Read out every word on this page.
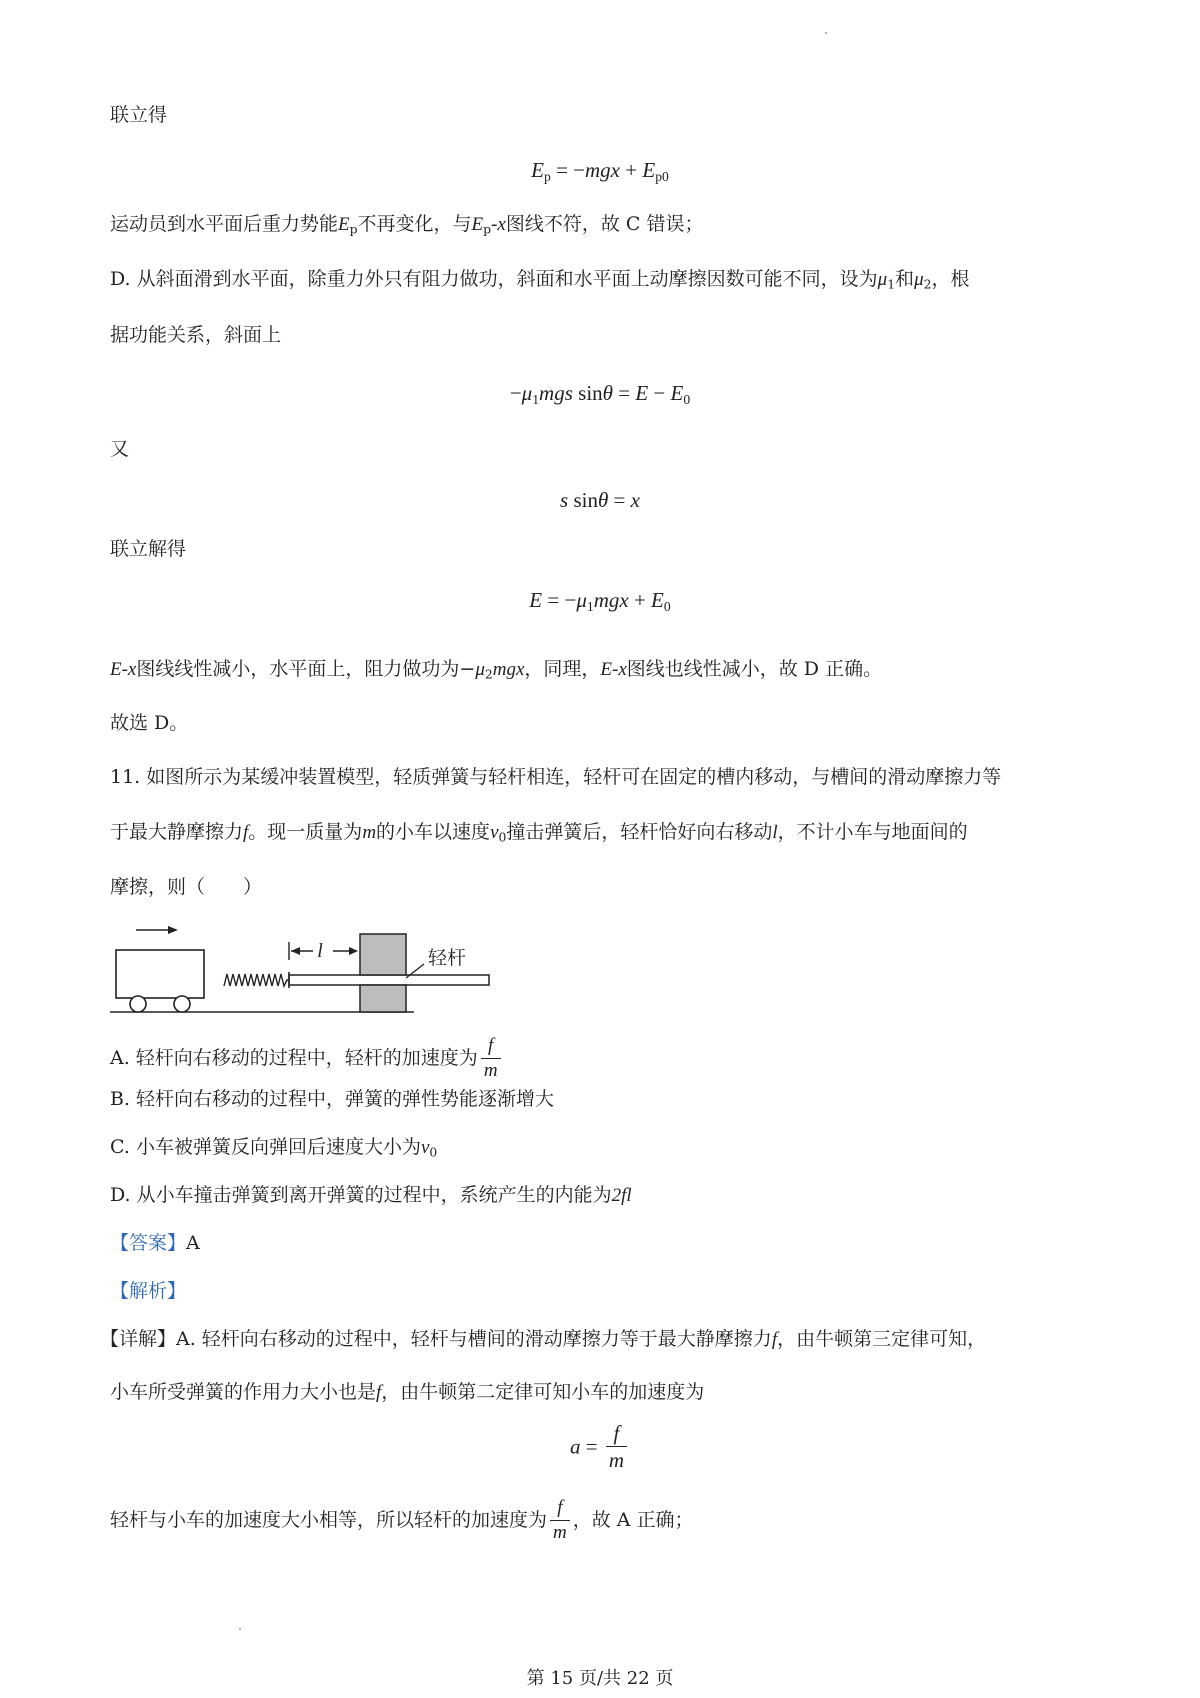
联立得
$E_p = -mgx + E_{p0}$
运动员到水平面后重力势能$E_p$不再变化，与$E_p-x$图线不符，故 C 错误；
D. 从斜面滑到水平面，除重力外只有阻力做功，斜面和水平面上动摩擦因数可能不同，设为$\mu_1$和$\mu_2$，根
据功能关系，斜面上
$-\mu_1mgs$ $\sin\theta = E - E_0$
又
s sinθ = x
联立解得
$E = -\mu_1mgx + E_0$
E-x图线线性减小，水平面上，阻力做功为$-\mu_2mgx$，同理，E-x图线也线性减小，故 D 正确。
故选 D。
11. 如图所示为某缓冲装置模型，轻质弹簧与轻杆相连，轻杆可在固定的槽内移动，与槽间的滑动摩擦力等
于最大静摩擦力f。现一质量为m的小车以速度$v_0$撞击弹簧后，轻杆恰好向右移动l，不计小车与地面间的
摩擦，则（　　）
l	轻杆
A. 轻杆向右移动的过程中，轻杆的加速度为 $\frac{f}{m}$
B. 轻杆向右移动的过程中，弹簧的弹性势能逐渐增大
C. 小车被弹簧反向弹回后速度大小为$v_0$
D. 从小车撞击弹簧到离开弹簧的过程中，系统产生的内能为2fl
【答案】A
【解析】
【详解】A. 轻杆向右移动的过程中，轻杆与槽间的滑动摩擦力等于最大静摩擦力f，由牛顿第三定律可知，
小车所受弹簧的作用力大小也是f，由牛顿第二定律可知小车的加速度为
$a = \frac{f}{m}$
轻杆与小车的加速度大小相等，所以轻杆的加速度为 $\frac{f}{m}$ ，故 A 正确；
第 15 页/共 22 页
